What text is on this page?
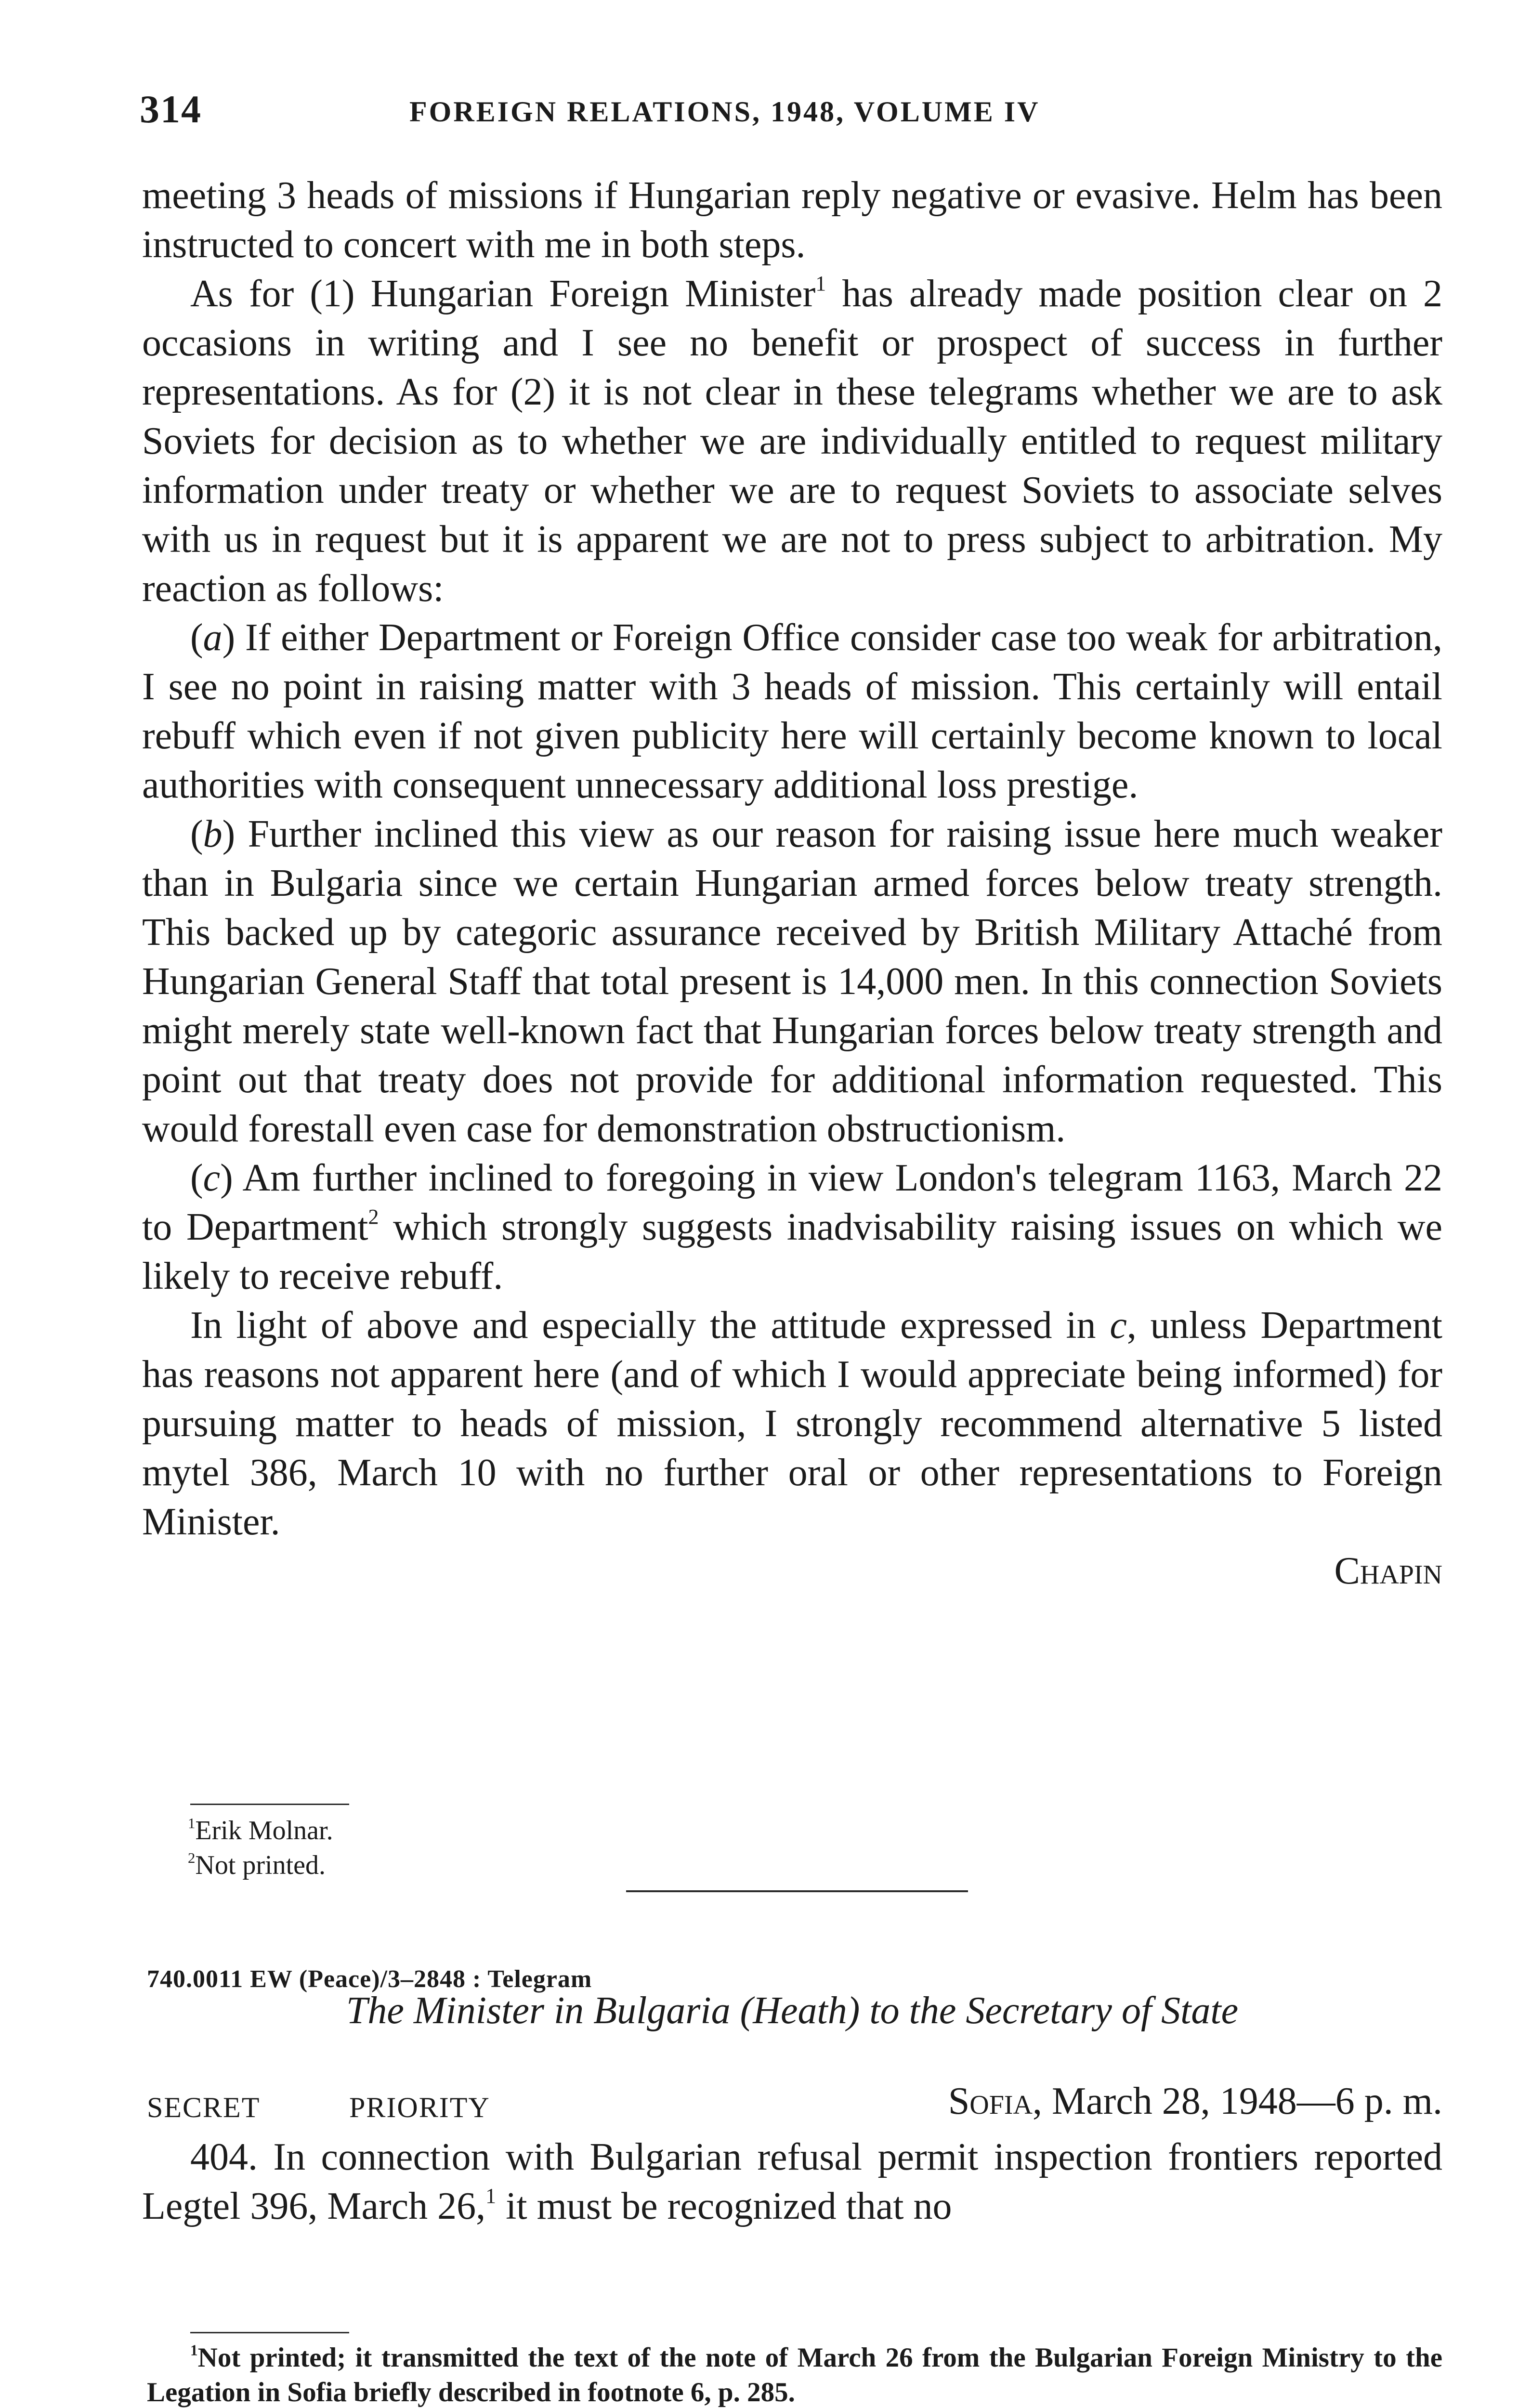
314	FOREIGN RELATIONS, 1948, VOLUME IV

meeting 3 heads of missions if Hungarian reply negative or evasive. Helm has been instructed to concert with me in both steps.

As for (1) Hungarian Foreign Minister$^1$ has already made position clear on 2 occasions in writing and I see no benefit or prospect of success in further representations. As for (2) it is not clear in these telegrams whether we are to ask Soviets for decision as to whether we are individually entitled to request military information under treaty or whether we are to request Soviets to associate selves with us in request but it is apparent we are not to press subject to arbitration. My reaction as follows:

(a) If either Department or Foreign Office consider case too weak for arbitration, I see no point in raising matter with 3 heads of mission. This certainly will entail rebuff which even if not given publicity here will certainly become known to local authorities with consequent unnecessary additional loss prestige.

(b) Further inclined this view as our reason for raising issue here much weaker than in Bulgaria since we certain Hungarian armed forces below treaty strength. This backed up by categoric assurance received by British Military Attaché from Hungarian General Staff that total present is 14,000 men. In this connection Soviets might merely state well-known fact that Hungarian forces below treaty strength and point out that treaty does not provide for additional information requested. This would forestall even case for demonstration obstructionism.

(c) Am further inclined to foregoing in view London's telegram 1163, March 22 to Department$^2$ which strongly suggests inadvisability raising issues on which we likely to receive rebuff.

In light of above and especially the attitude expressed in c, unless Department has reasons not apparent here (and of which I would appreciate being informed) for pursuing matter to heads of mission, I strongly recommend alternative 5 listed mytel 386, March 10 with no further oral or other representations to Foreign Minister.

Chapin

$^1$Erik Molnar.

$^2$Not printed.

740.0011 EW (Peace)/3–2848 : Telegram
The Minister in Bulgaria (Heath) to the Secretary of State
SECRET	PRIORITY	Sofia, March 28, 1948—6 p. m.

404. In connection with Bulgarian refusal permit inspection frontiers reported Legtel 396, March 26,$^1$ it must be recognized that no

$^1$Not printed; it transmitted the text of the note of March 26 from the Bulgarian Foreign Ministry to the Legation in Sofia briefly described in footnote 6, p. 285.
